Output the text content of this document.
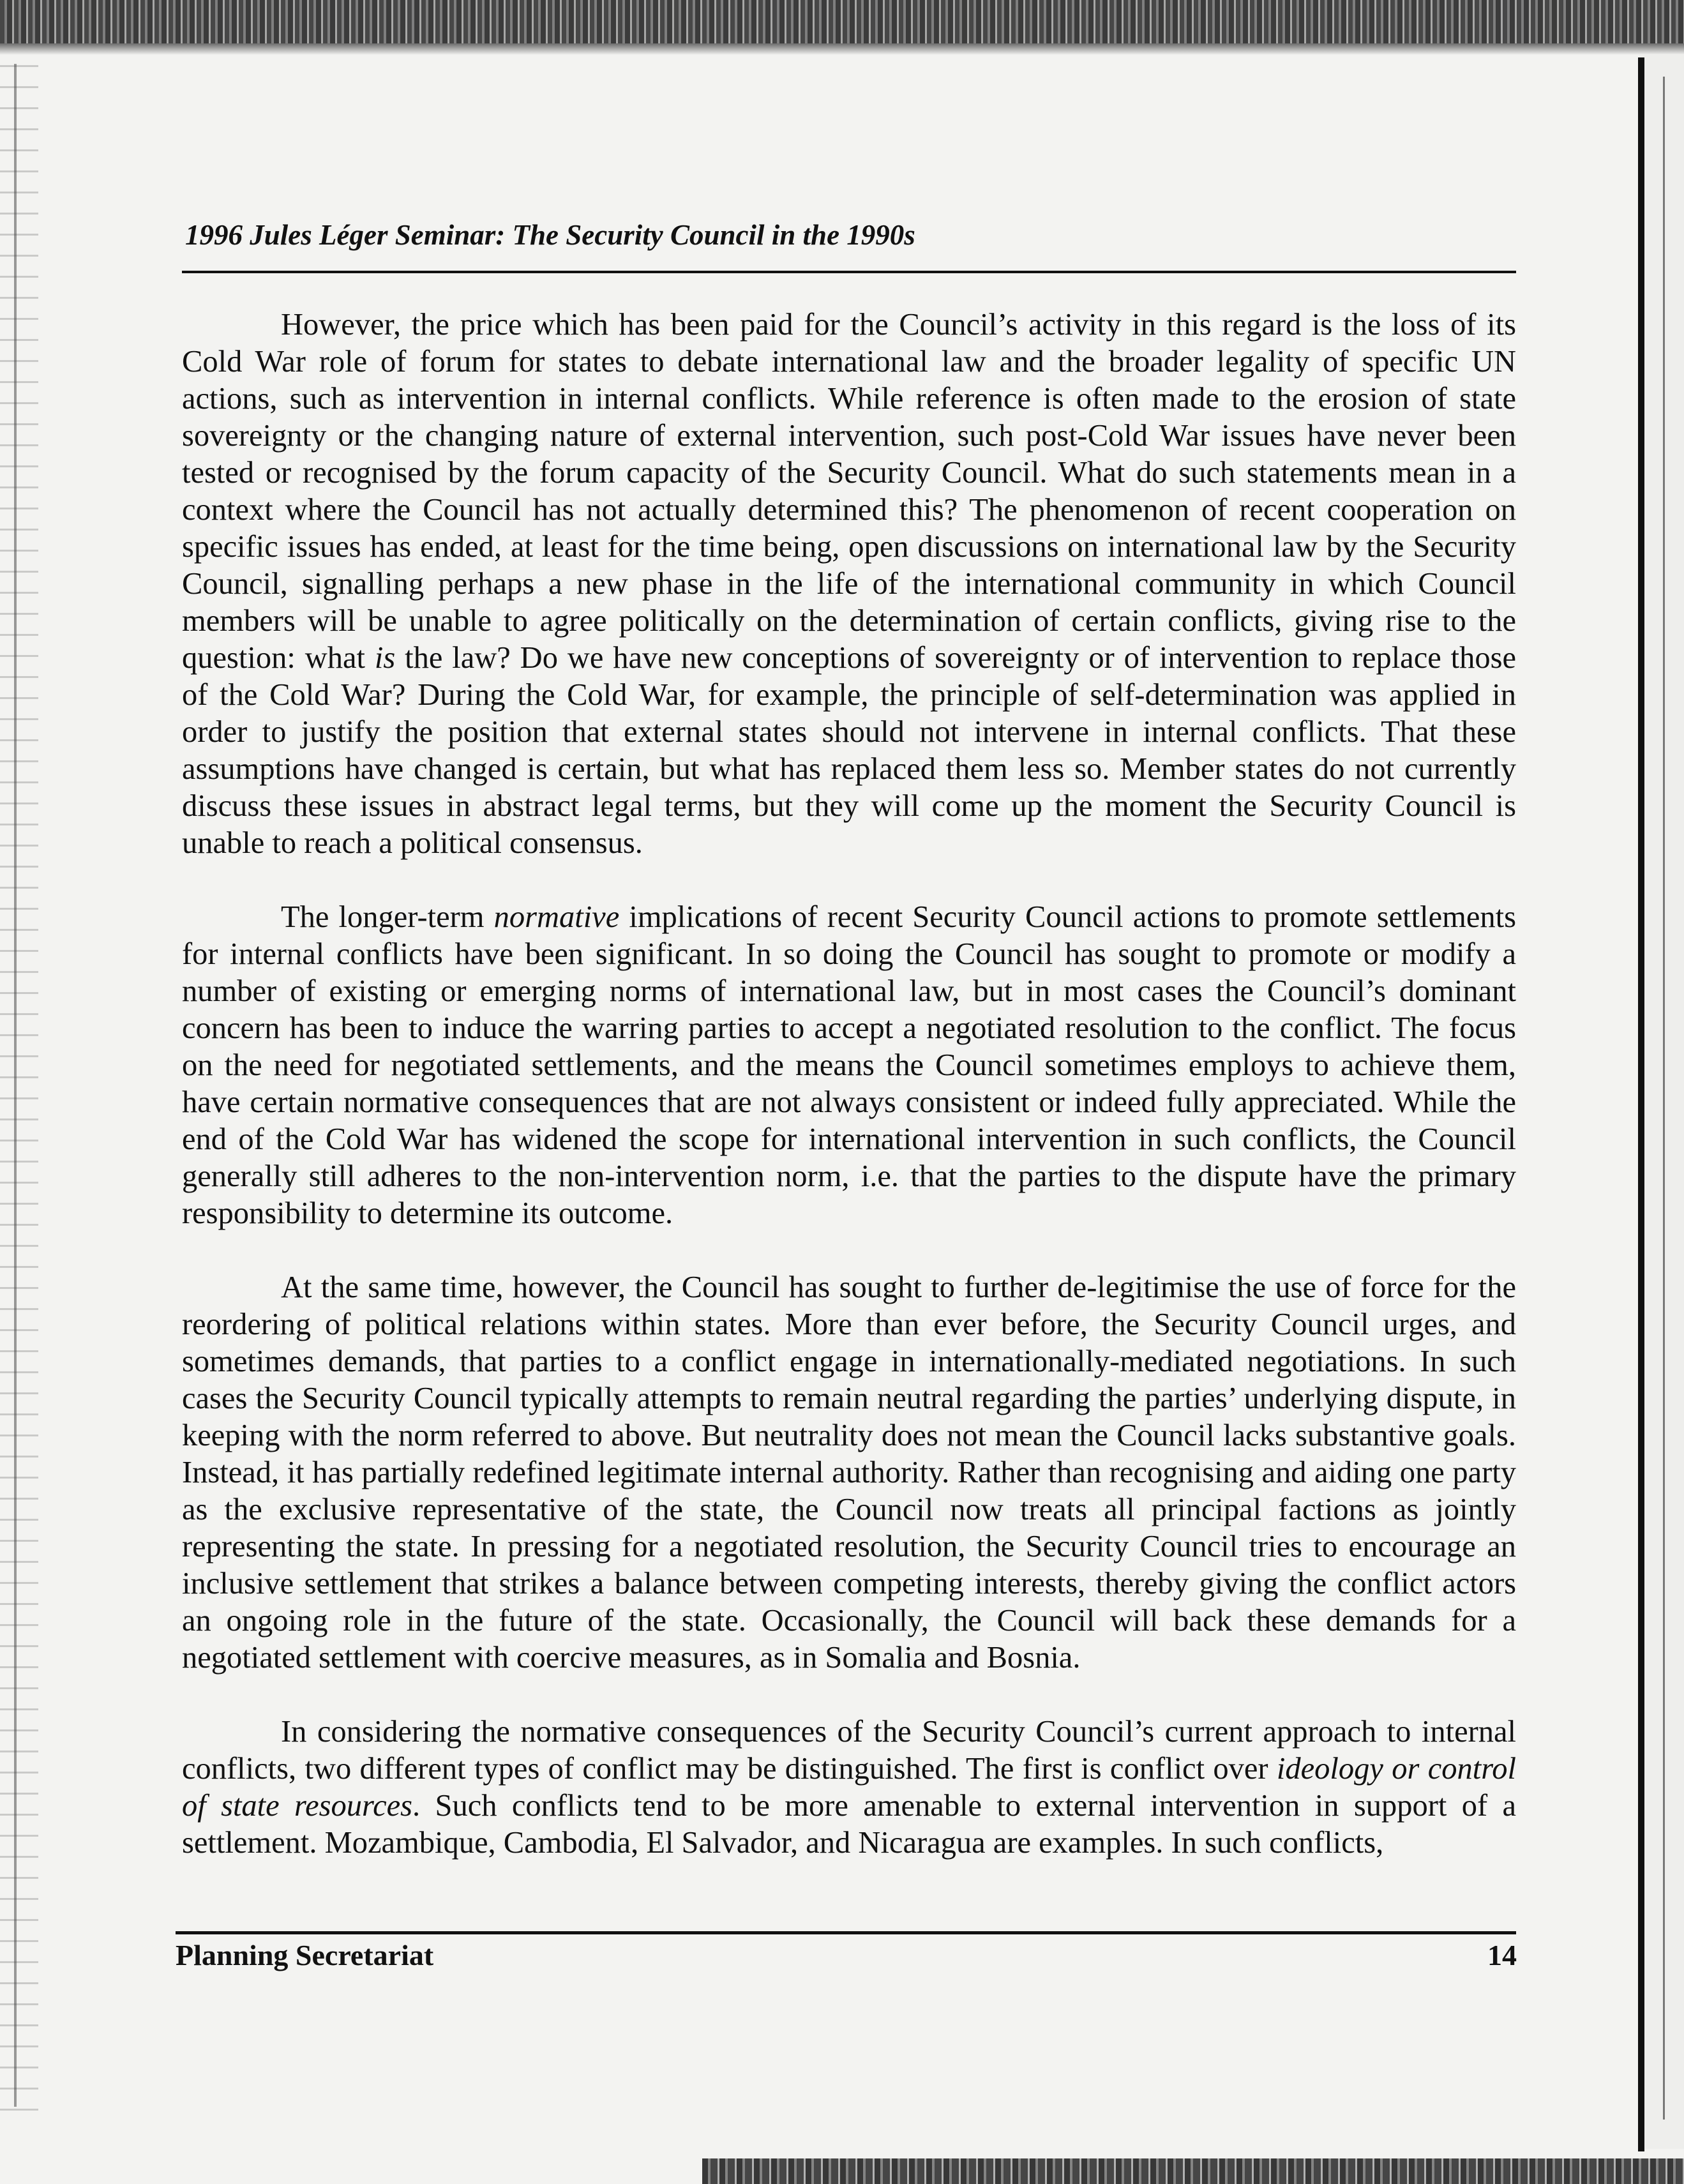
1996 Jules Léger Seminar: The Security Council in the 1990s

However, the price which has been paid for the Council’s activity in this regard is the loss of its Cold War role of forum for states to debate international law and the broader legality of specific UN actions, such as intervention in internal conflicts. While reference is often made to the erosion of state sovereignty or the changing nature of external intervention, such post-Cold War issues have never been tested or recognised by the forum capacity of the Security Council. What do such statements mean in a context where the Council has not actually determined this? The phenomenon of recent cooperation on specific issues has ended, at least for the time being, open discussions on international law by the Security Council, signalling perhaps a new phase in the life of the international community in which Council members will be unable to agree politically on the determination of certain conflicts, giving rise to the question: what is the law? Do we have new conceptions of sovereignty or of intervention to replace those of the Cold War? During the Cold War, for example, the principle of self-determination was applied in order to justify the position that external states should not intervene in internal conflicts. That these assumptions have changed is certain, but what has replaced them less so. Member states do not currently discuss these issues in abstract legal terms, but they will come up the moment the Security Council is unable to reach a political consensus.

The longer-term normative implications of recent Security Council actions to promote settlements for internal conflicts have been significant. In so doing the Council has sought to promote or modify a number of existing or emerging norms of international law, but in most cases the Council’s dominant concern has been to induce the warring parties to accept a negotiated resolution to the conflict. The focus on the need for negotiated settlements, and the means the Council sometimes employs to achieve them, have certain normative consequences that are not always consistent or indeed fully appreciated. While the end of the Cold War has widened the scope for international intervention in such conflicts, the Council generally still adheres to the non-intervention norm, i.e. that the parties to the dispute have the primary responsibility to determine its outcome.

At the same time, however, the Council has sought to further de-legitimise the use of force for the reordering of political relations within states. More than ever before, the Security Council urges, and sometimes demands, that parties to a conflict engage in internationally-mediated negotiations. In such cases the Security Council typically attempts to remain neutral regarding the parties’ underlying dispute, in keeping with the norm referred to above. But neutrality does not mean the Council lacks substantive goals. Instead, it has partially redefined legitimate internal authority. Rather than recognising and aiding one party as the exclusive representative of the state, the Council now treats all principal factions as jointly representing the state. In pressing for a negotiated resolution, the Security Council tries to encourage an inclusive settlement that strikes a balance between competing interests, thereby giving the conflict actors an ongoing role in the future of the state. Occasionally, the Council will back these demands for a negotiated settlement with coercive measures, as in Somalia and Bosnia.

In considering the normative consequences of the Security Council’s current approach to internal conflicts, two different types of conflict may be distinguished. The first is conflict over ideology or control of state resources. Such conflicts tend to be more amenable to external intervention in support of a settlement. Mozambique, Cambodia, El Salvador, and Nicaragua are examples. In such conflicts,

Planning Secretariat	14
